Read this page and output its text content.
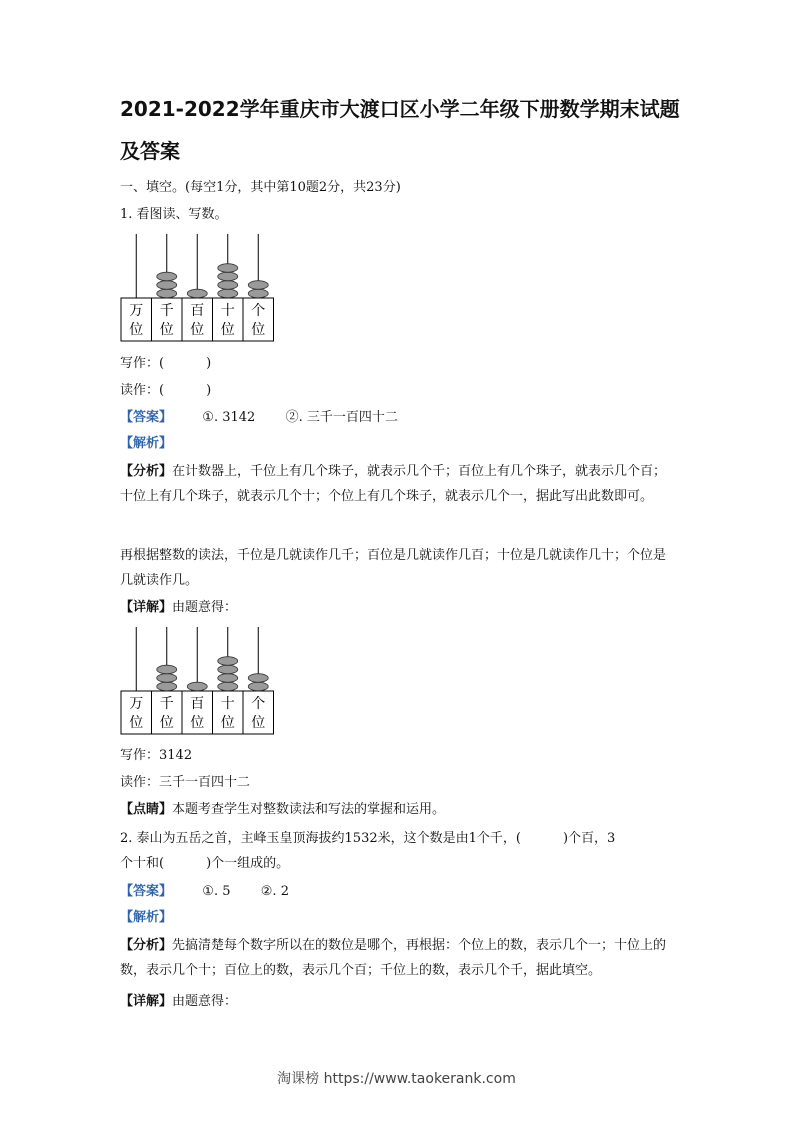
2021-2022学年重庆市大渡口区小学二年级下册数学期末试题及答案
一、填空。(每空1分，其中第10题2分，共23分)
1. 看图读、写数。
万
位
千
位
百
位
十
位
个
位
写作：(	)
读作：(	)
【答案】 ①. 3142 ②. 三千一百四十二
【解析】
【分析】在计数器上，千位上有几个珠子，就表示几个千；百位上有几个珠子，就表示几个百；十位上有几个珠子，就表示几个十；个位上有几个珠子，就表示几个一，据此写出此数即可。
再根据整数的读法，千位是几就读作几千；百位是几就读作几百；十位是几就读作几十；个位是几就读作几。
【详解】由题意得：
万
位
千
位
百
位
十
位
个
位
写作：3142
读作：三千一百四十二
【点睛】本题考查学生对整数读法和写法的掌握和运用。
2. 泰山为五岳之首，主峰玉皇顶海拔约1532米，这个数是由1个千，(	)个百，3
个十和(	)个一组成的。
【答案】 ①. 5 ②. 2
【解析】
【分析】先搞清楚每个数字所以在的数位是哪个，再根据：个位上的数，表示几个一；十位上的数，表示几个十；百位上的数，表示几个百；千位上的数，表示几个千，据此填空。
【详解】由题意得：
淘课榜 https://www.taokerank.com
